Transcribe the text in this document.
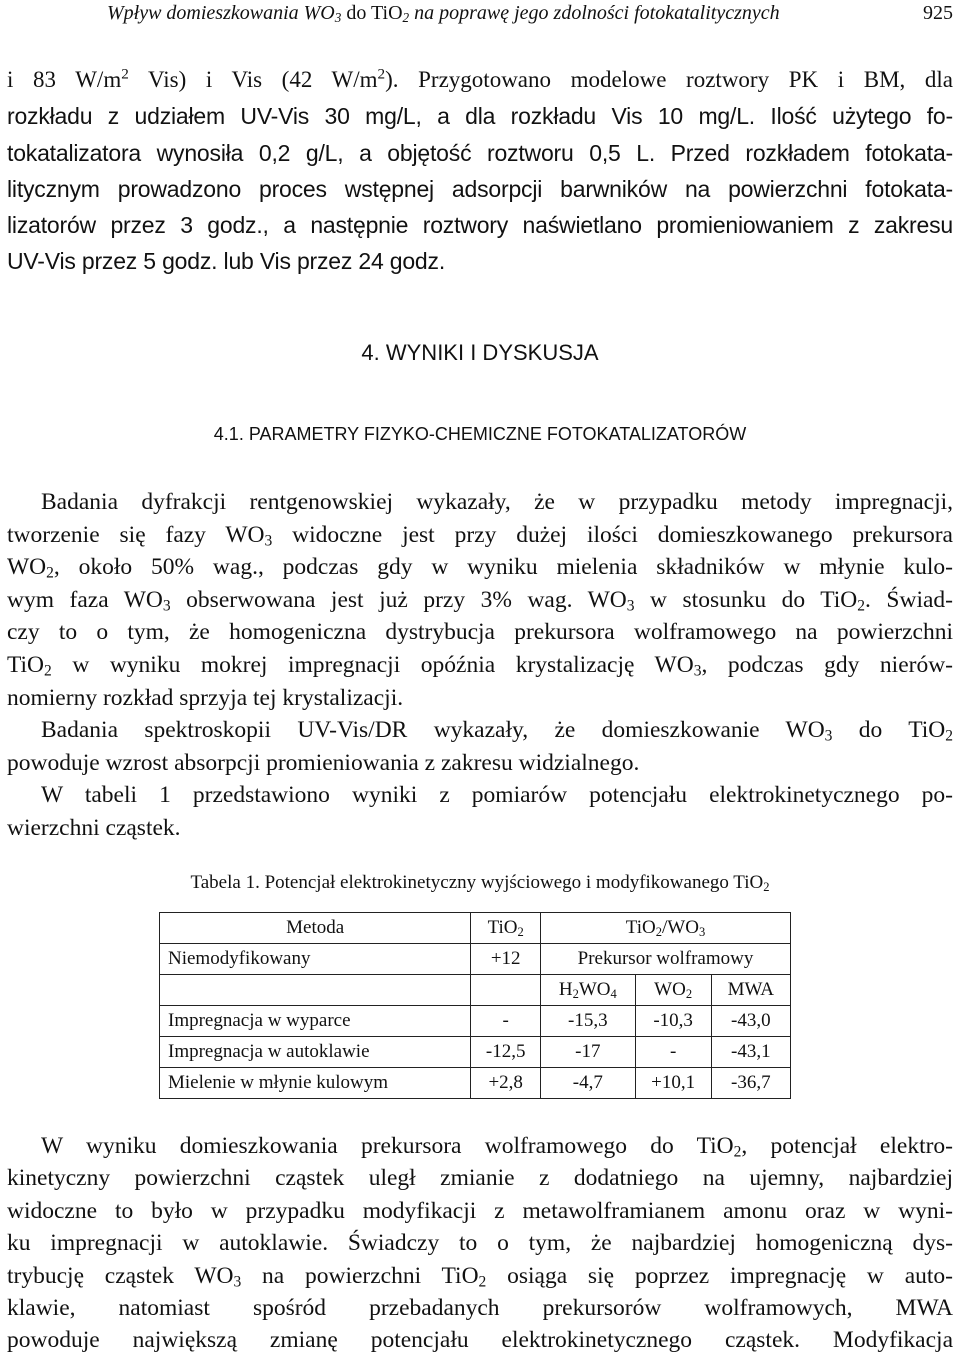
Wpływ domieszkowania $WO_3$ do TiO$_2$ na poprawę jego zdolności fotokatalitycznych	925
i 83 $W/m^2$ Vis) i Vis (42 $W/m^2$). Przygotowano modelowe roztwory PK i BM, dla
rozkładu z udziałem UV-Vis 30 mg/L, a dla rozkładu Vis 10 mg/L. Ilość użytego fo-
tokatalizatora wynosiła 0,2 g/L, a objętość roztworu 0,5 L. Przed rozkładem fotokata-
litycznym prowadzono proces wstępnej adsorpcji barwników na powierzchni fotokata-
lizatorów przez 3 godz., a następnie roztwory naświetlano promieniowaniem z zakresu
UV-Vis przez 5 godz. lub Vis przez 24 godz.
4. WYNIKI I DYSKUSJA
4.1. PARAMETRY FIZYKO-CHEMICZNE FOTOKATALIZATORÓW
Badania dyfrakcji rentgenowskiej wykazały, że w przypadku metody impregnacji,
tworzenie się fazy $WO_3$ widoczne jest przy dużej ilości domieszkowanego prekursora
$WO_2$, około 50% wag., podczas gdy w wyniku mielenia składników w młynie kulo-
wym faza $WO_3$ obserwowana jest już przy 3% wag. $WO_3$ w stosunku do TiO$_2$. Świad-
czy to o tym, że homogeniczna dystrybucja prekursora wolframowego na powierzchni
TiO$_2$ w wyniku mokrej impregnacji opóźnia krystalizację $WO_3$, podczas gdy nierów-
nomierny rozkład sprzyja tej krystalizacji.
Badania spektroskopii UV-Vis/DR wykazały, że domieszkowanie $WO_3$ do TiO$_2$
powoduje wzrost absorpcji promieniowania z zakresu widzialnego.
W tabeli 1 przedstawiono wyniki z pomiarów potencjału elektrokinetycznego po-
wierzchni cząstek.
Tabela 1. Potencjał elektrokinetyczny wyjściowego i modyfikowanego TiO$_2$
Metoda	TiO$_2$	$TiO_2/WO_3$
Niemodyfikowany	+12	Prekursor wolframowy		
		$H_2WO_4$	$WO_2$	MWA
Impregnacja w wyparce	-	-15,3	-10,3	-43,0
Impregnacja w autoklawie	-12,5	-17	-	-43,1
Mielenie w młynie kulowym	+2,8	-4,7	+10,1	-36,7
W wyniku domieszkowania prekursora wolframowego do TiO$_2$, potencjał elektro-
kinetyczny powierzchni cząstek uległ zmianie z dodatniego na ujemny, najbardziej
widoczne to było w przypadku modyfikacji z metawolframianem amonu oraz w wyni-
ku impregnacji w autoklawie. Świadczy to o tym, że najbardziej homogeniczną dys-
trybucję cząstek $WO_3$ na powierzchni TiO$_2$ osiąga się poprzez impregnację w auto-
klawie, natomiast spośród przebadanych prekursorów wolframowych, MWA
powoduje największą zmianę potencjału elektrokinetycznego cząstek. Modyfikacja
